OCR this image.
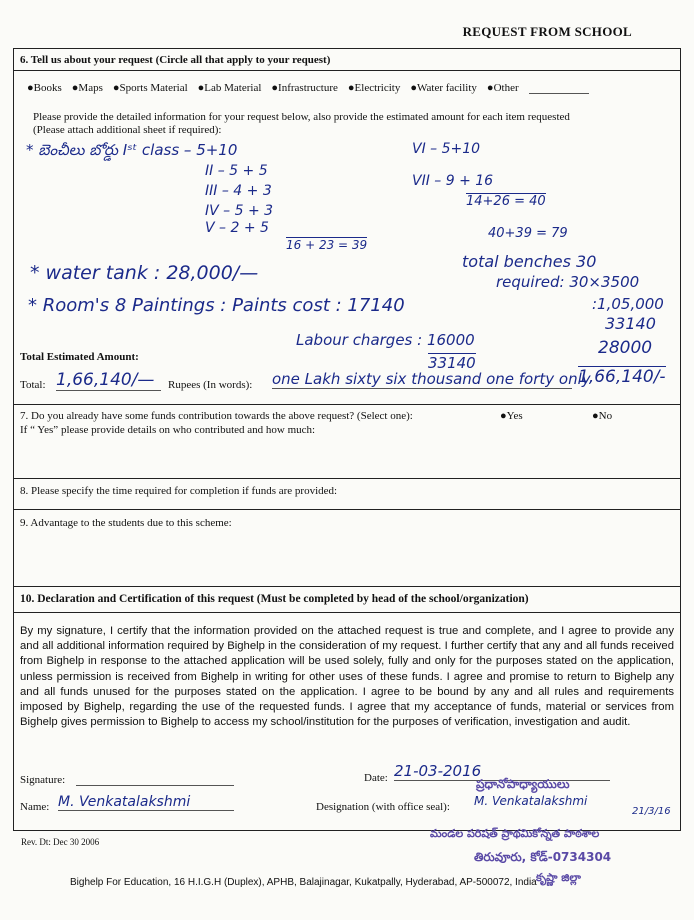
REQUEST FROM SCHOOL
6. Tell us about your request (Circle all that apply to your request)
●Books ●Maps ●Sports Material ●Lab Material ●Infrastructure ●Electricity ●Water facility ●Other
Please provide the detailed information for your request below, also provide the estimated amount for each item requested
(Please attach additional sheet if required):
* బెంచీలు బోర్డు Iˢᵗ class – 5+10
II – 5 + 5
III – 4 + 3
IV – 5 + 3
V – 2 + 5
16 + 23 = 39
VI – 5+10
VII – 9 + 16
14+26 = 40
40+39 = 79
* water tank : 28,000/—
total benches 30
required: 30×3500
* Room's 8 Paintings : Paints cost : 17140	:1,05,000
Labour charges : 16000
33140
28000
33140
1,66,140/-
Total Estimated Amount:
Total: 1,66,140/—	Rupees (In words): one Lakh sixty six thousand one forty only
7. Do you already have some funds contribution towards the above request? (Select one):	●Yes	●No
If “ Yes” please provide details on who contributed and how much:
8. Please specify the time required for completion if funds are provided:
9. Advantage to the students due to this scheme:
10. Declaration and Certification of this request (Must be completed by head of the school/organization)
By my signature, I certify that the information provided on the attached request is true and complete, and I agree to provide any and all additional information required by Bighelp in the consideration of my request. I further certify that any and all funds received from Bighelp in response to the attached application will be used solely, fully and only for the purposes stated on the application, unless permission is received from Bighelp in writing for other uses of these funds. I agree and promise to return to Bighelp any and all funds unused for the purposes stated on the application. I agree to be bound by any and all rules and requirements imposed by Bighelp, regarding the use of the requested funds. I agree that my acceptance of funds, material or services from Bighelp gives permission to Bighelp to access my school/institution for the purposes of verification, investigation and audit.
Signature:	Date: 21-03-2016
Name: M. Venkatalakshmi	Designation (with office seal): M. Venkatalakshmi
ప్రధానోపాధ్యాయులు
21/3/16
మండల పరిషత్ ప్రాథమికోన్నత పాఠశాల
తిరువూరు, కోడ్-0734304
కృష్ణా జిల్లా
Rev. Dt: Dec 30 2006
Bighelp For Education, 16 H.I.G.H (Duplex), APHB, Balajinagar, Kukatpally, Hyderabad, AP-500072, India
